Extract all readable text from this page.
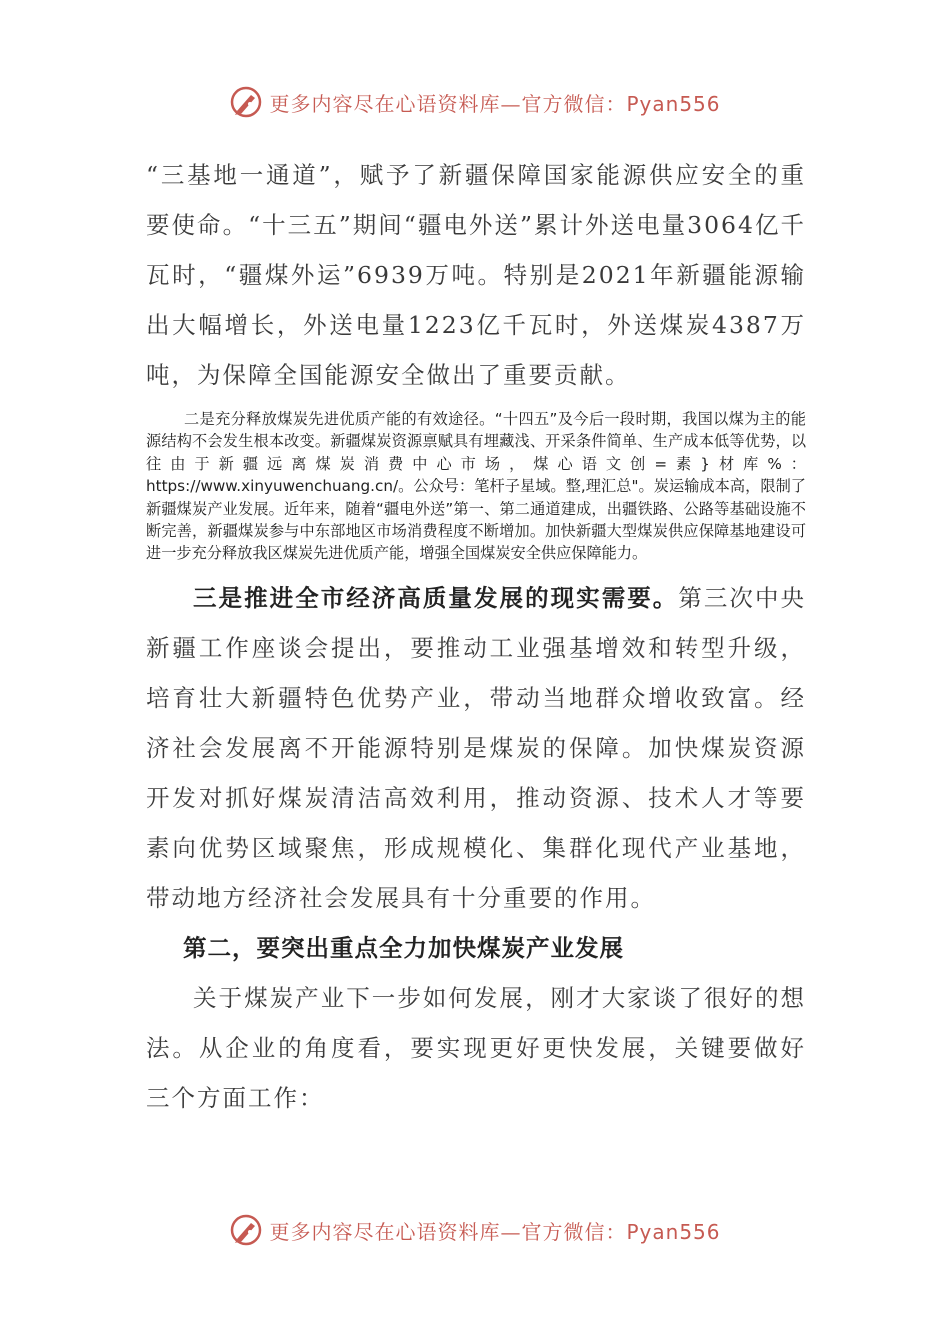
更多内容尽在心语资料库—官方微信：Pyan556

“三基地一通道”，赋予了新疆保障国家能源供应安全的重要使命。“十三五”期间“疆电外送”累计外送电量3064亿千瓦时，“疆煤外运”6939万吨。特别是2021年新疆能源输出大幅增长，外送电量1223亿千瓦时，外送煤炭4387万吨，为保障全国能源安全做出了重要贡献。

二是充分释放煤炭先进优质产能的有效途径。“十四五”及今后一段时期，我国以煤为主的能源结构不会发生根本改变。新疆煤炭资源禀赋具有埋藏浅、开采条件简单、生产成本低等优势，以往由于新疆远离煤炭消费中心市场，煤心语文创=素}材库%：https://www.xinyuwenchuang.cn/。公众号：笔杆子星域。整,理汇总"。炭运输成本高，限制了新疆煤炭产业发展。近年来，随着“疆电外送”第一、第二通道建成，出疆铁路、公路等基础设施不断完善，新疆煤炭参与中东部地区市场消费程度不断增加。加快新疆大型煤炭供应保障基地建设可进一步充分释放我区煤炭先进优质产能，增强全国煤炭安全供应保障能力。

三是推进全市经济高质量发展的现实需要。第三次中央新疆工作座谈会提出，要推动工业强基增效和转型升级，培育壮大新疆特色优势产业，带动当地群众增收致富。经济社会发展离不开能源特别是煤炭的保障。加快煤炭资源开发对抓好煤炭清洁高效利用，推动资源、技术人才等要素向优势区域聚焦，形成规模化、集群化现代产业基地，带动地方经济社会发展具有十分重要的作用。

第二，要突出重点全力加快煤炭产业发展

关于煤炭产业下一步如何发展，刚才大家谈了很好的想法。从企业的角度看，要实现更好更快发展，关键要做好三个方面工作：

更多内容尽在心语资料库—官方微信：Pyan556
